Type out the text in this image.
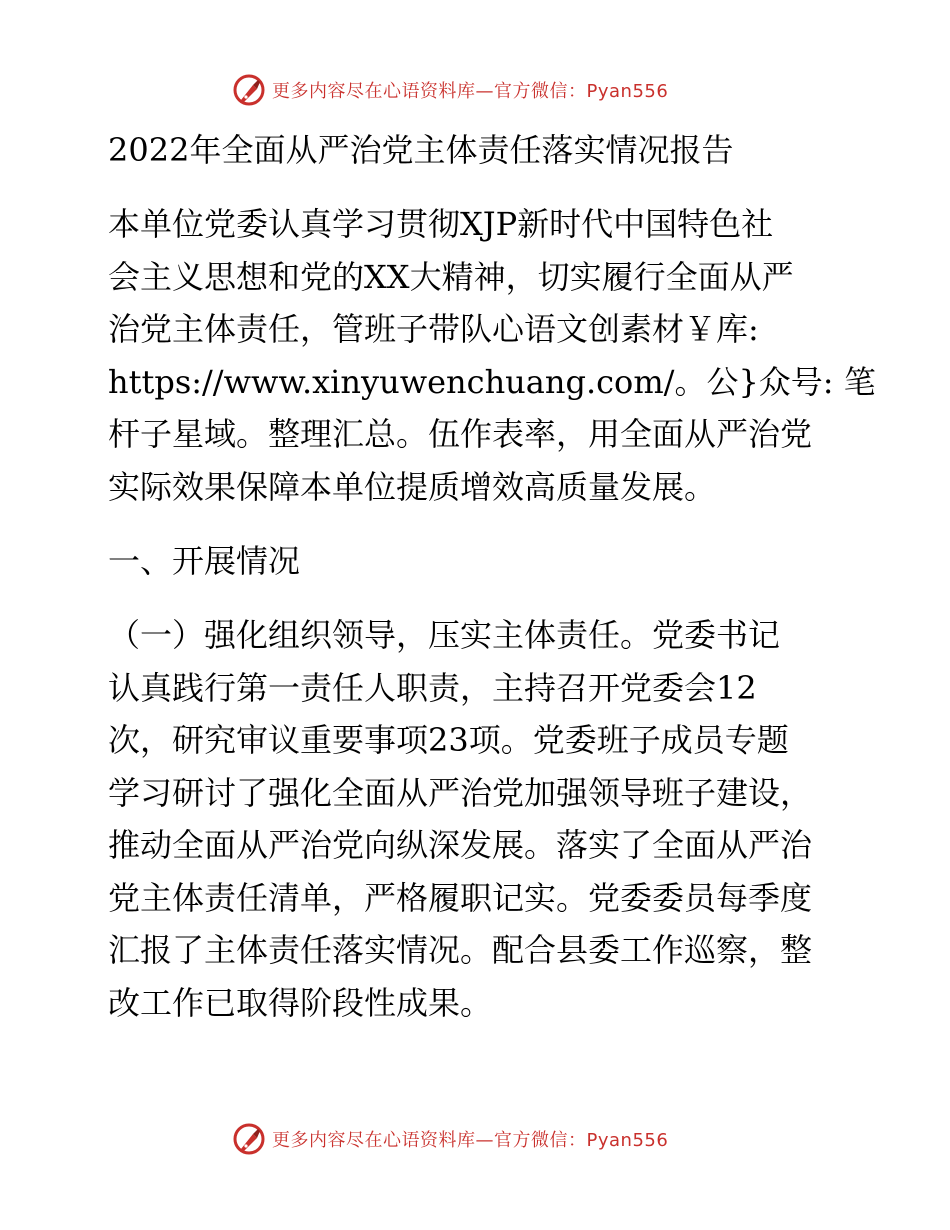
更多内容尽在心语资料库—官方微信：Pyan556
2022年全面从严治党主体责任落实情况报告

本单位党委认真学习贯彻XJP新时代中国特色社
会主义思想和党的XX大精神，切实履行全面从严
治党主体责任，管班子带队心语文创素材￥库:
https://www.xinyuwenchuang.com/。公}众号: 笔
杆子星域。整理汇总。伍作表率，用全面从严治党
实际效果保障本单位提质增效高质量发展。

一、开展情况

（一）强化组织领导，压实主体责任。党委书记
认真践行第一责任人职责，主持召开党委会12
次，研究审议重要事项23项。党委班子成员专题
学习研讨了强化全面从严治党加强领导班子建设，
推动全面从严治党向纵深发展。落实了全面从严治
党主体责任清单，严格履职记实。党委委员每季度
汇报了主体责任落实情况。配合县委工作巡察，整
改工作已取得阶段性成果。

更多内容尽在心语资料库—官方微信：Pyan556
